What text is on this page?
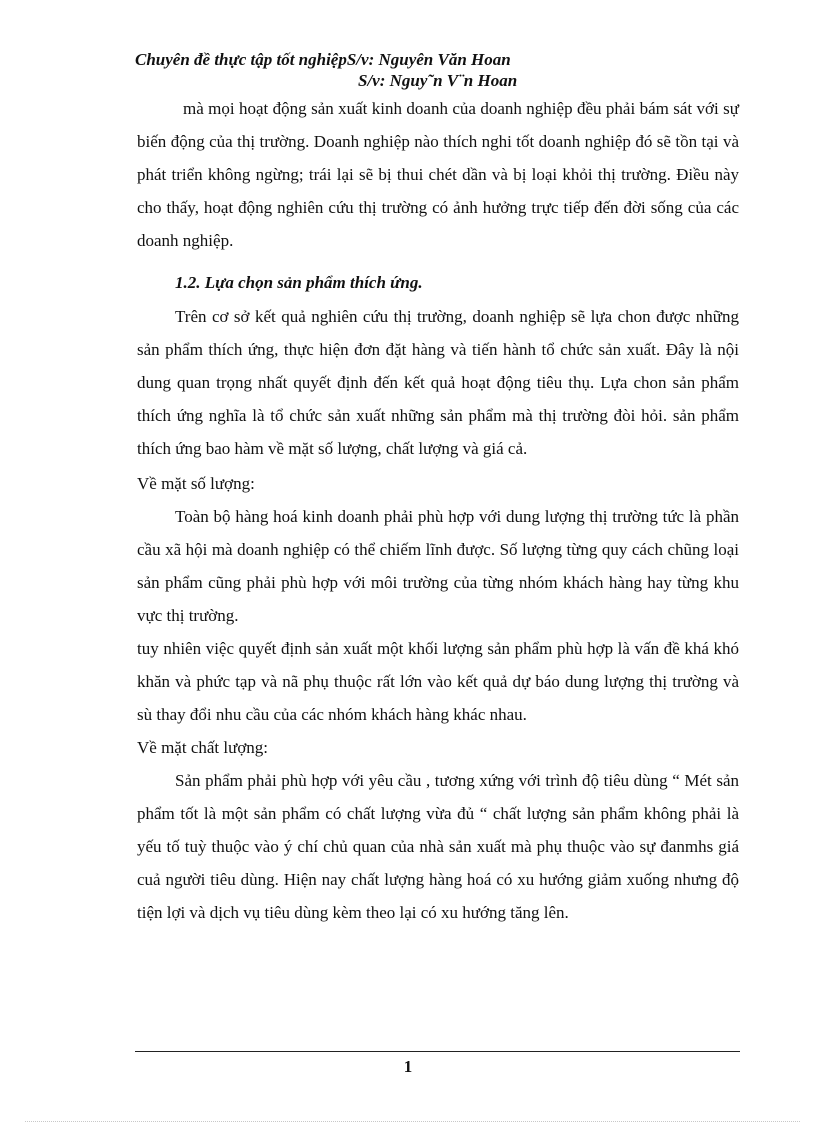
Chuyên đề thực tập tốt nghiệpS/v: Nguyên Văn Hoan
S/v: Nguy˜n V¨n Hoan

mà mọi hoạt động sản xuất kinh doanh của doanh nghiệp đều phải bám sát với sự biến động của thị trường. Doanh nghiệp nào thích nghi tốt doanh nghiệp đó sẽ tồn tại và phát triển không ngừng; trái lại sẽ bị thui chét dần và bị loại khỏi thị trường. Điều này cho thấy, hoạt động nghiên cứu thị trường có ảnh hưởng trực tiếp đến đời sống của các doanh nghiệp.

1.2. Lựa chọn sản phẩm thích ứng.

Trên cơ sở kết quả nghiên cứu thị trường, doanh nghiệp sẽ lựa chon được những sản phẩm thích ứng, thực hiện đơn đặt hàng và tiến hành tổ chức sản xuất. Đây là nội dung quan trọng nhất quyết định đến kết quả hoạt động tiêu thụ. Lựa chon sản phẩm thích ứng nghĩa là tổ chức sản xuất những sản phẩm mà thị trường đòi hỏi. sản phẩm thích ứng bao hàm về mặt số lượng, chất lượng và giá cả.

Về mặt số lượng:

Toàn bộ hàng hoá kinh doanh phải phù hợp với dung lượng thị trường tức là phần cầu xã hội mà doanh nghiệp có thể chiếm lĩnh được. Số lượng từng quy cách chũng loại sản phẩm cũng phải phù hợp với môi trường của từng nhóm khách hàng hay từng khu vực thị trường.

tuy nhiên việc quyết định sản xuất một khối lượng sản phẩm phù hợp là vấn đề khá khó khăn và phức tạp và nã phụ thuộc rất lớn vào kết quả dự báo dung lượng thị trường và sù thay đổi nhu cầu của các nhóm khách hàng khác nhau.

Về mặt chất lượng:

Sản phẩm phải phù hợp với yêu cầu , tương xứng với trình độ tiêu dùng “ Mét sản phẩm tốt là một sản phẩm có chất lượng vừa đủ “ chất lượng sản phẩm không phải là yếu tố tuỳ thuộc vào ý chí chủ quan của nhà sản xuất mà phụ thuộc vào sự đanmhs giá cuả người tiêu dùng. Hiện nay chất lượng hàng hoá có xu hướng giảm xuống nhưng độ tiện lợi và dịch vụ tiêu dùng kèm theo lại có xu hướng tăng lên.

1
